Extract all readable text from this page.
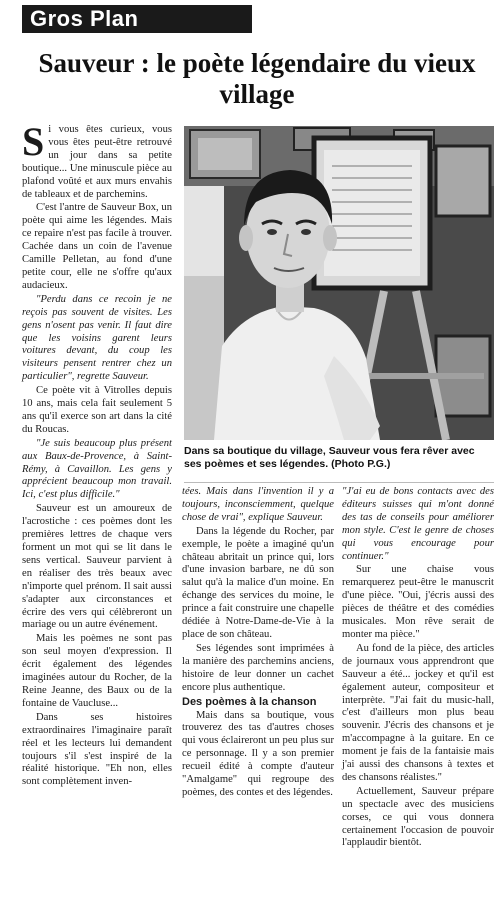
Gros Plan
Sauveur : le poète légendaire du vieux village

Si vous êtes curieux, vous vous êtes peut-être retrouvé un jour dans sa petite boutique... Une minuscule pièce au plafond voûté et aux murs envahis de tableaux et de parchemins.

C'est l'antre de Sauveur Box, un poète qui aime les légendes. Mais ce repaire n'est pas facile à trouver. Cachée dans un coin de l'avenue Camille Pelletan, au fond d'une petite cour, elle ne s'offre qu'aux audacieux.

"Perdu dans ce recoin je ne reçois pas souvent de visites. Les gens n'osent pas venir. Il faut dire que les voisins garent leurs voitures devant, du coup les visiteurs pensent rentrer chez un particulier", regrette Sauveur.

Ce poète vit à Vitrolles depuis 10 ans, mais cela fait seulement 5 ans qu'il exerce son art dans la cité du Roucas.

"Je suis beaucoup plus présent aux Baux-de-Provence, à Saint-Rémy, à Cavaillon. Les gens y apprécient beaucoup mon travail. Ici, c'est plus difficile."

Sauveur est un amoureux de l'acrostiche : ces poèmes dont les premières lettres de chaque vers forment un mot qui se lit dans le sens vertical. Sauveur parvient à en réaliser des très beaux avec n'importe quel prénom. Il sait aussi s'adapter aux circonstances et écrire des vers qui célèbreront un mariage ou un autre événement.

Mais les poèmes ne sont pas son seul moyen d'expression. Il écrit également des légendes imaginées autour du Rocher, de la Reine Jeanne, des Baux ou de la fontaine de Vaucluse...

Dans ses histoires extraordinaires l'imaginaire paraît réel et les lecteurs lui demandent toujours s'il s'est inspiré de la réalité historique. "Eh non, elles sont complètement inven-

Dans sa boutique du village, Sauveur vous fera rêver avec ses poèmes et ses légendes. (Photo P.G.)

tées. Mais dans l'invention il y a toujours, inconsciemment, quelque chose de vrai", explique Sauveur.

Dans la légende du Rocher, par exemple, le poète a imaginé qu'un château abritait un prince qui, lors d'une invasion barbare, ne dû son salut qu'à la malice d'un moine. En échange des services du moine, le prince a fait construire une chapelle dédiée à Notre-Dame-de-Vie à la place de son château.

Ses légendes sont imprimées à la manière des parchemins anciens, histoire de leur donner un cachet encore plus authentique.

Des poèmes à la chanson

Mais dans sa boutique, vous trouverez des tas d'autres choses qui vous éclaireront un peu plus sur ce personnage. Il y a son premier recueil édité à compte d'auteur "Amalgame" qui regroupe des poèmes, des contes et des légendes.

"J'ai eu de bons contacts avec des éditeurs suisses qui m'ont donné des tas de conseils pour améliorer mon style. C'est le genre de choses qui vous encourage pour continuer."

Sur une chaise vous remarquerez peut-être le manuscrit d'une pièce. "Oui, j'écris aussi des pièces de théâtre et des comédies musicales. Mon rêve serait de monter ma pièce."

Au fond de la pièce, des articles de journaux vous apprendront que Sauveur a été... jockey et qu'il est également auteur, compositeur et interprète. "J'ai fait du music-hall, c'est d'ailleurs mon plus beau souvenir. J'écris des chansons et je m'accompagne à la guitare. En ce moment je fais de la fantaisie mais j'ai aussi des chansons à textes et des chansons réalistes."

Actuellement, Sauveur prépare un spectacle avec des musiciens corses, ce qui vous donnera certainement l'occasion de pouvoir l'applaudir bientôt.
